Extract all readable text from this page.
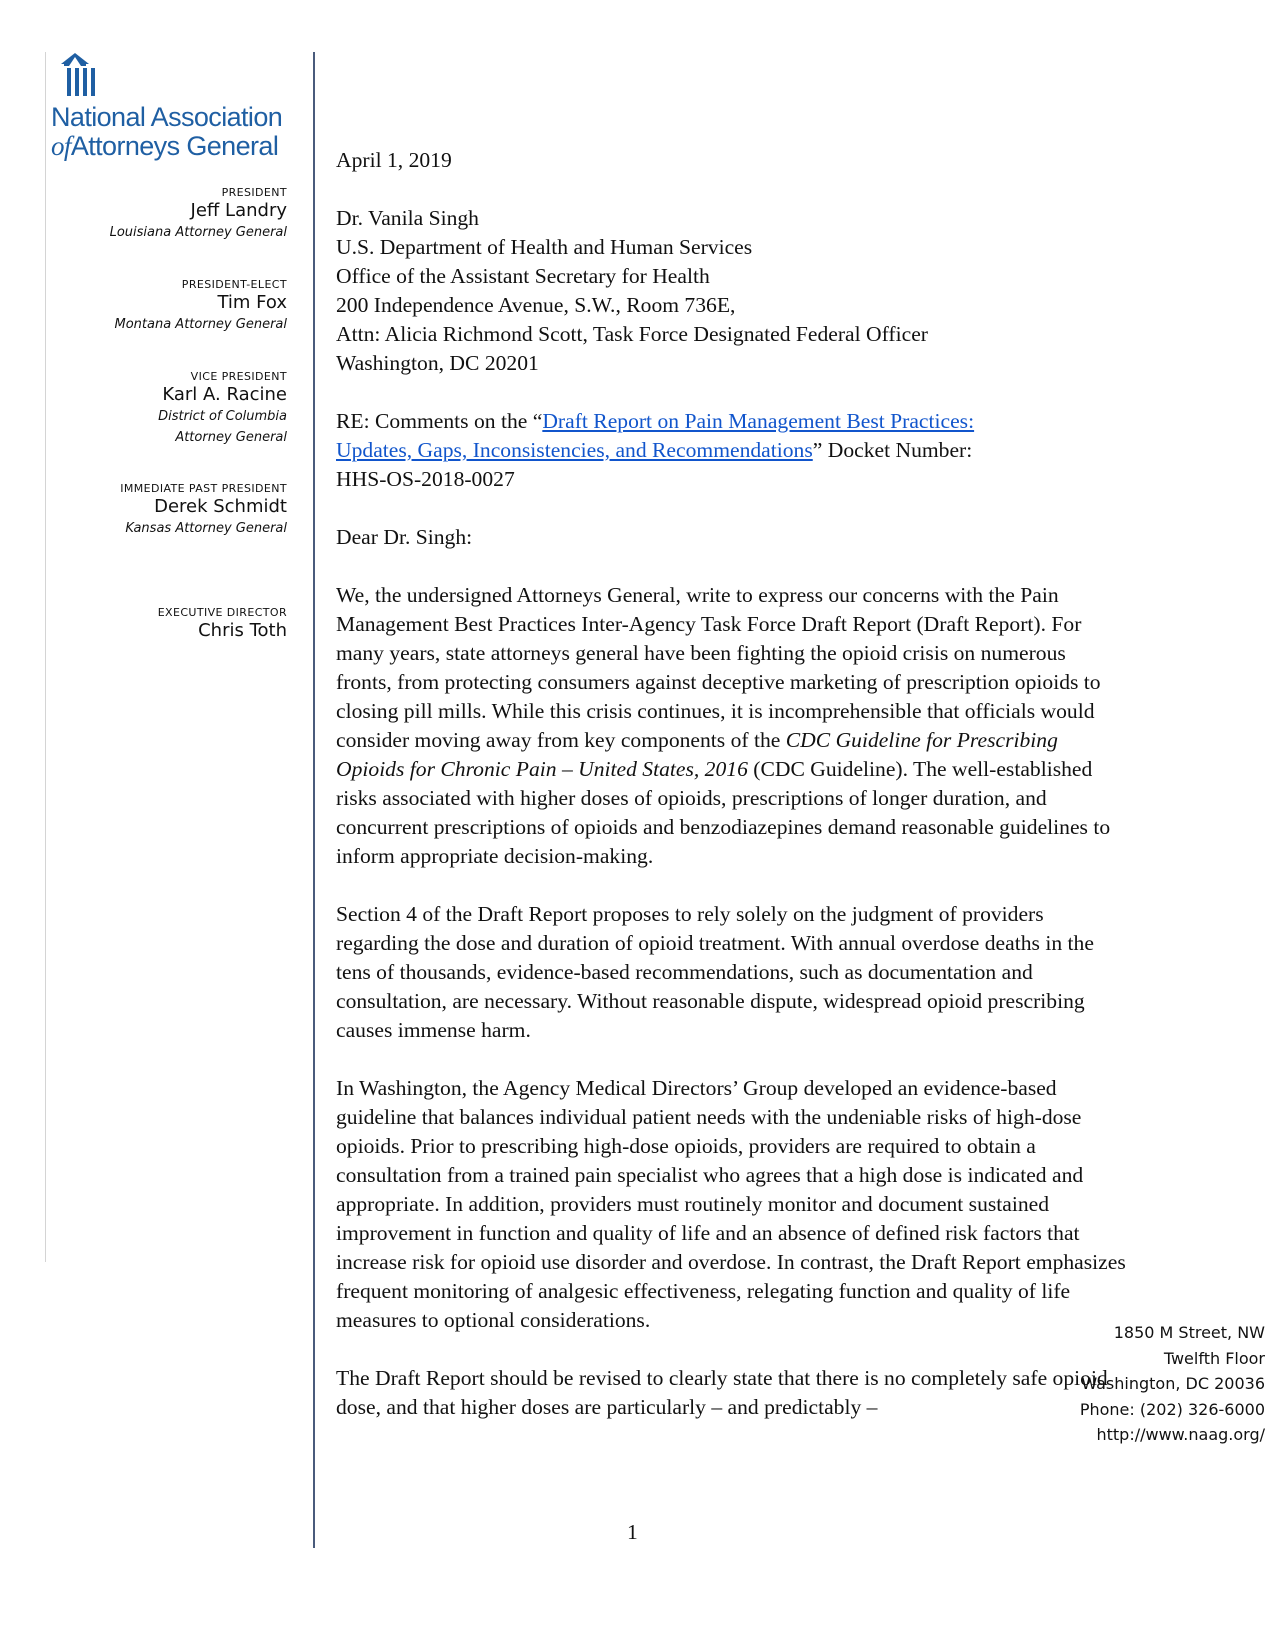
National Association
ofAttorneys General
PRESIDENT
Jeff Landry
Louisiana Attorney General
PRESIDENT-ELECT
Tim Fox
Montana Attorney General
VICE PRESIDENT
Karl A. Racine
District of Columbia
Attorney General
IMMEDIATE PAST PRESIDENT
Derek Schmidt
Kansas Attorney General
EXECUTIVE DIRECTOR
Chris Toth
1850 M Street, NW
Twelfth Floor
Washington, DC 20036
Phone: (202) 326-6000
http://www.naag.org/

April 1, 2019

Dr. Vanila Singh

U.S. Department of Health and Human Services

Office of the Assistant Secretary for Health

200 Independence Avenue, S.W., Room 736E,

Attn: Alicia Richmond Scott, Task Force Designated Federal Officer

Washington, DC 20201

RE: Comments on the “Draft Report on Pain Management Best Practices:
Updates, Gaps, Inconsistencies, and Recommendations” Docket Number:
HHS-OS-2018-0027

Dear Dr. Singh:

We, the undersigned Attorneys General, write to express our concerns with the Pain Management Best Practices Inter-Agency Task Force Draft Report (Draft Report). For many years, state attorneys general have been fighting the opioid crisis on numerous fronts, from protecting consumers against deceptive marketing of prescription opioids to closing pill mills. While this crisis continues, it is incomprehensible that officials would consider moving away from key components of the CDC Guideline for Prescribing Opioids for Chronic Pain – United States, 2016 (CDC Guideline). The well-established risks associated with higher doses of opioids, prescriptions of longer duration, and concurrent prescriptions of opioids and benzodiazepines demand reasonable guidelines to inform appropriate decision-making.

Section 4 of the Draft Report proposes to rely solely on the judgment of providers regarding the dose and duration of opioid treatment. With annual overdose deaths in the tens of thousands, evidence-based recommendations, such as documentation and consultation, are necessary. Without reasonable dispute, widespread opioid prescribing causes immense harm.

In Washington, the Agency Medical Directors’ Group developed an evidence-based guideline that balances individual patient needs with the undeniable risks of high-dose opioids. Prior to prescribing high-dose opioids, providers are required to obtain a consultation from a trained pain specialist who agrees that a high dose is indicated and appropriate. In addition, providers must routinely monitor and document sustained improvement in function and quality of life and an absence of defined risk factors that increase risk for opioid use disorder and overdose. In contrast, the Draft Report emphasizes frequent monitoring of analgesic effectiveness, relegating function and quality of life measures to optional considerations.

The Draft Report should be revised to clearly state that there is no completely safe opioid dose, and that higher doses are particularly – and predictably –

1
